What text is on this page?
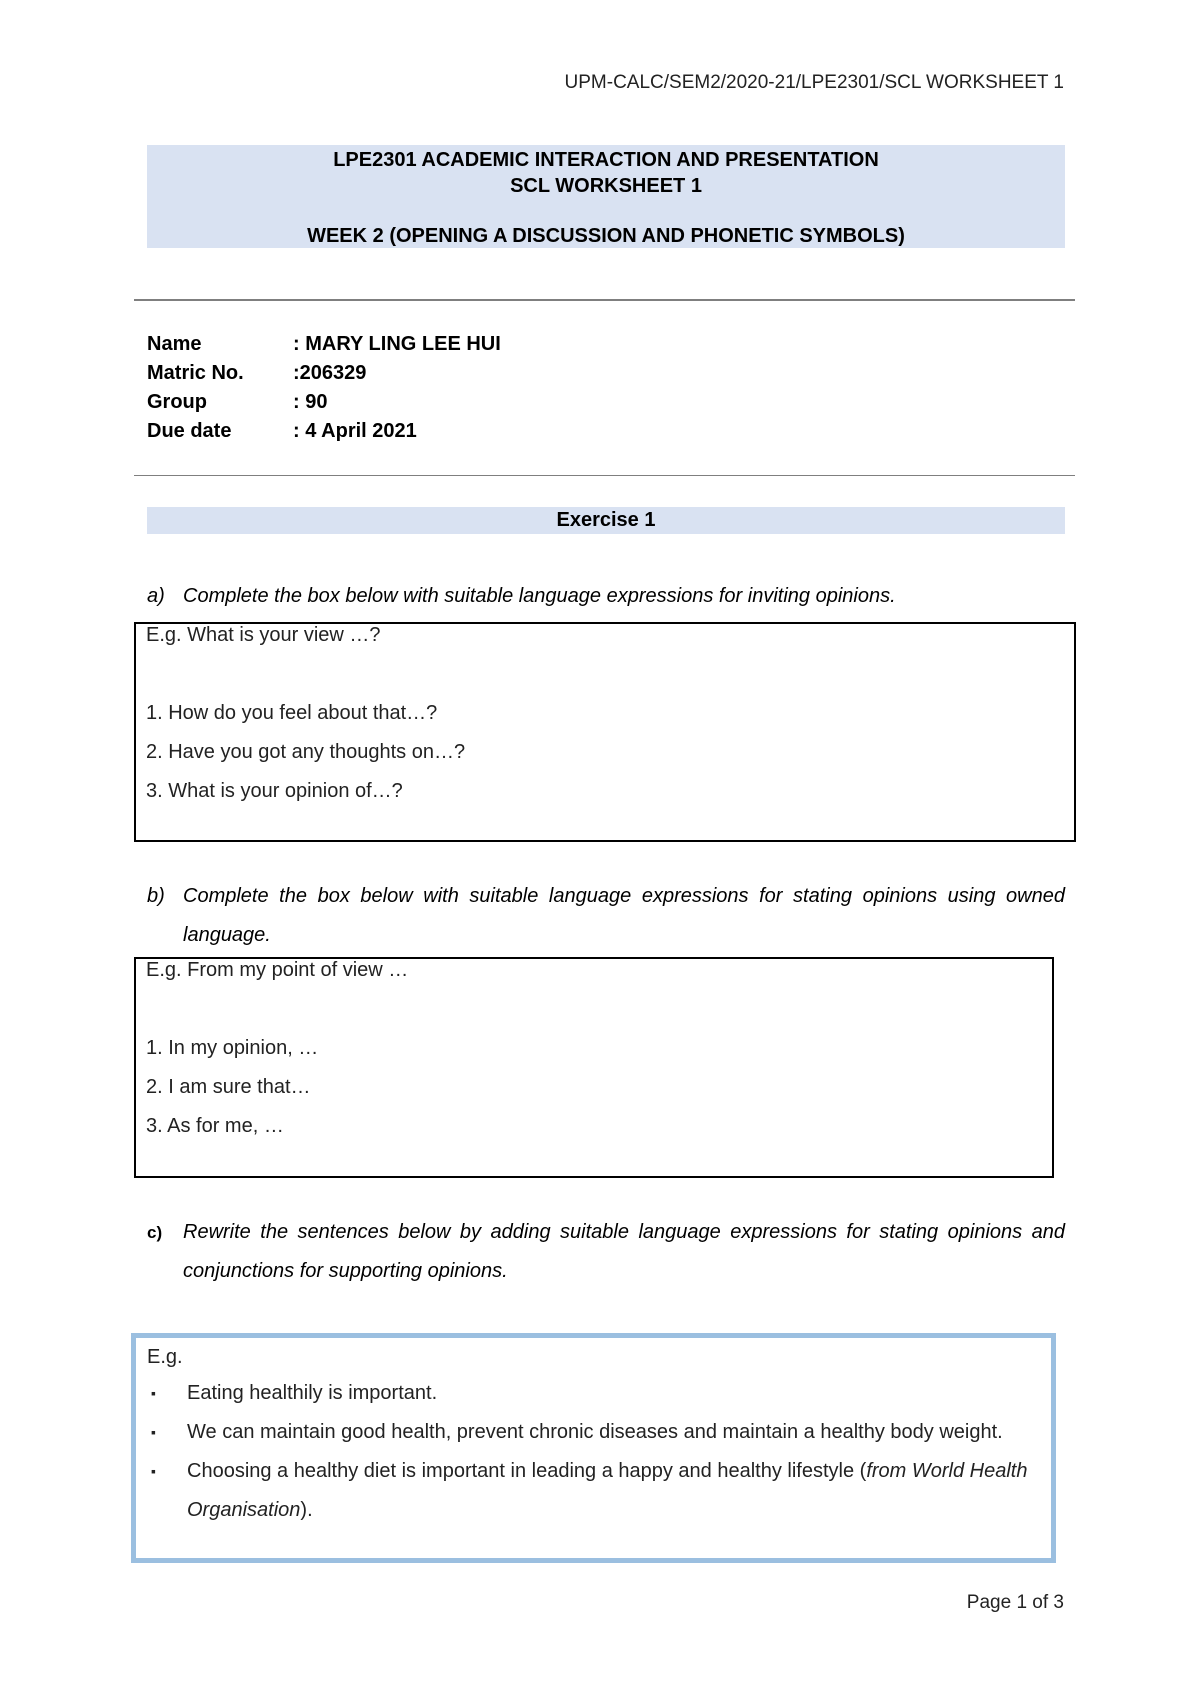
UPM-CALC/SEM2/2020-21/LPE2301/SCL WORKSHEET 1
LPE2301 ACADEMIC INTERACTION AND PRESENTATION
SCL WORKSHEET 1
WEEK 2 (OPENING A DISCUSSION AND PHONETIC SYMBOLS)
Name	: MARY LING LEE HUI
Matric No. :206329
Group	: 90
Due date	: 4 April 2021
Exercise 1
a) Complete the box below with suitable language expressions for inviting opinions.
E.g. What is your view …?
1. How do you feel about that…?
2. Have you got any thoughts on…?
3. What is your opinion of…?
b) Complete the box below with suitable language expressions for stating opinions using owned language.
E.g. From my point of view …
1. In my opinion, …
2. I am sure that…
3. As for me, …
c) Rewrite the sentences below by adding suitable language expressions for stating opinions and conjunctions for supporting opinions.
E.g.
▪ Eating healthily is important.
▪ We can maintain good health, prevent chronic diseases and maintain a healthy body weight.
▪ Choosing a healthy diet is important in leading a happy and healthy lifestyle (from World Health Organisation).
Page 1 of 3
